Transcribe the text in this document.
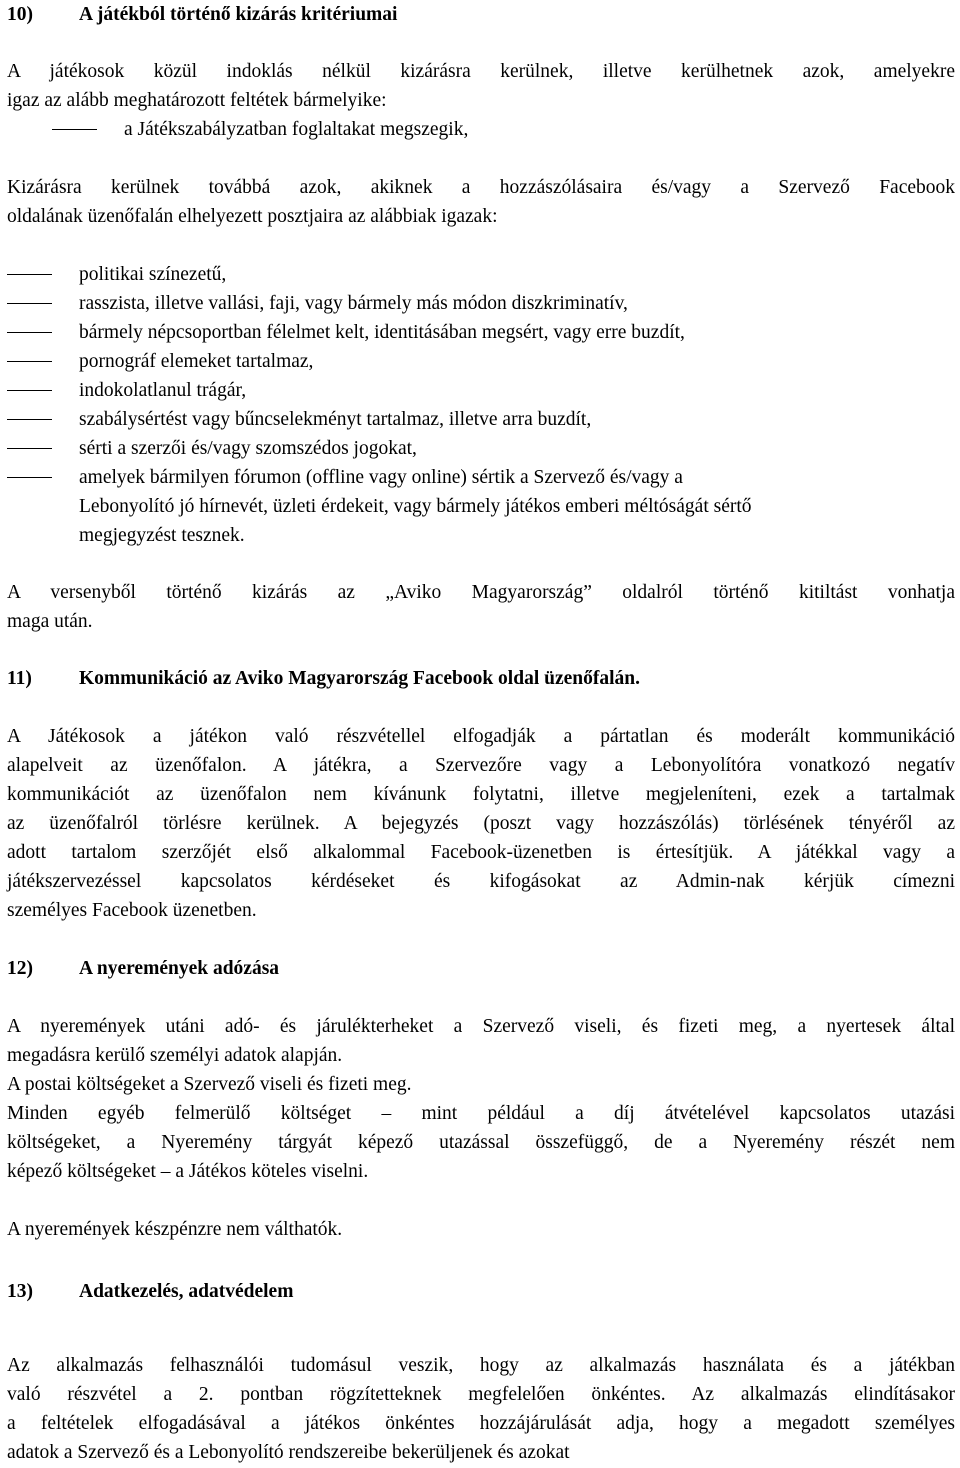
10)	A játékból történő kizárás kritériumai

A játékosok közül indoklás nélkül kizárásra kerülnek, illetve kerülhetnek azok, amelyekre

igaz az alább meghatározott feltétek bármelyike:

a Játékszabályzatban foglaltakat megszegik,

Kizárásra kerülnek továbbá azok, akiknek a hozzászólásaira és/vagy a Szervező Facebook

oldalának üzenőfalán elhelyezett posztjaira az alábbiak igazak:

politikai színezetű,
rasszista, illetve vallási, faji, vagy bármely más módon diszkriminatív,
bármely népcsoportban félelmet kelt, identitásában megsért, vagy erre buzdít,
pornográf elemeket tartalmaz,
indokolatlanul trágár,
szabálysértést vagy bűncselekményt tartalmaz, illetve arra buzdít,
sérti a szerzői és/vagy szomszédos jogokat,
amelyek bármilyen fórumon (offline vagy online) sértik a Szervező és/vagy a

Lebonyolító jó hírnevét, üzleti érdekeit, vagy bármely játékos emberi méltóságát sértő

megjegyzést tesznek.

A versenyből történő kizárás az „Aviko Magyarország” oldalról történő kitiltást vonhatja

maga után.

11)	Kommunikáció az Aviko Magyarország Facebook oldal üzenőfalán.

A Játékosok a játékon való részvétellel elfogadják a pártatlan és moderált kommunikáció

alapelveit az üzenőfalon. A játékra, a Szervezőre vagy a Lebonyolítóra vonatkozó negatív

kommunikációt az üzenőfalon nem kívánunk folytatni, illetve megjeleníteni, ezek a tartalmak

az üzenőfalról törlésre kerülnek. A bejegyzés (poszt vagy hozzászólás) törlésének tényéről az

adott tartalom szerzőjét első alkalommal Facebook-üzenetben is értesítjük. A játékkal vagy a

játékszervezéssel kapcsolatos kérdéseket és kifogásokat az Admin-nak kérjük címezni

személyes Facebook üzenetben.

12)	A nyeremények adózása

A nyeremények utáni adó- és járulékterheket a Szervező viseli, és fizeti meg, a nyertesek által

megadásra kerülő személyi adatok alapján.

A postai költségeket a Szervező viseli és fizeti meg.

Minden egyéb felmerülő költséget – mint például a díj átvételével kapcsolatos utazási

költségeket, a Nyeremény tárgyát képező utazással összefüggő, de a Nyeremény részét nem

képező költségeket – a Játékos köteles viselni.

A nyeremények készpénzre nem válthatók.

13)	Adatkezelés, adatvédelem

Az alkalmazás felhasználói tudomásul veszik, hogy az alkalmazás használata és a játékban

való részvétel a 2. pontban rögzítetteknek megfelelően önkéntes. Az alkalmazás elindításakor

a feltételek elfogadásával a játékos önkéntes hozzájárulását adja, hogy a megadott személyes

adatok a Szervező és a Lebonyolító rendszereibe bekerüljenek és azokat
